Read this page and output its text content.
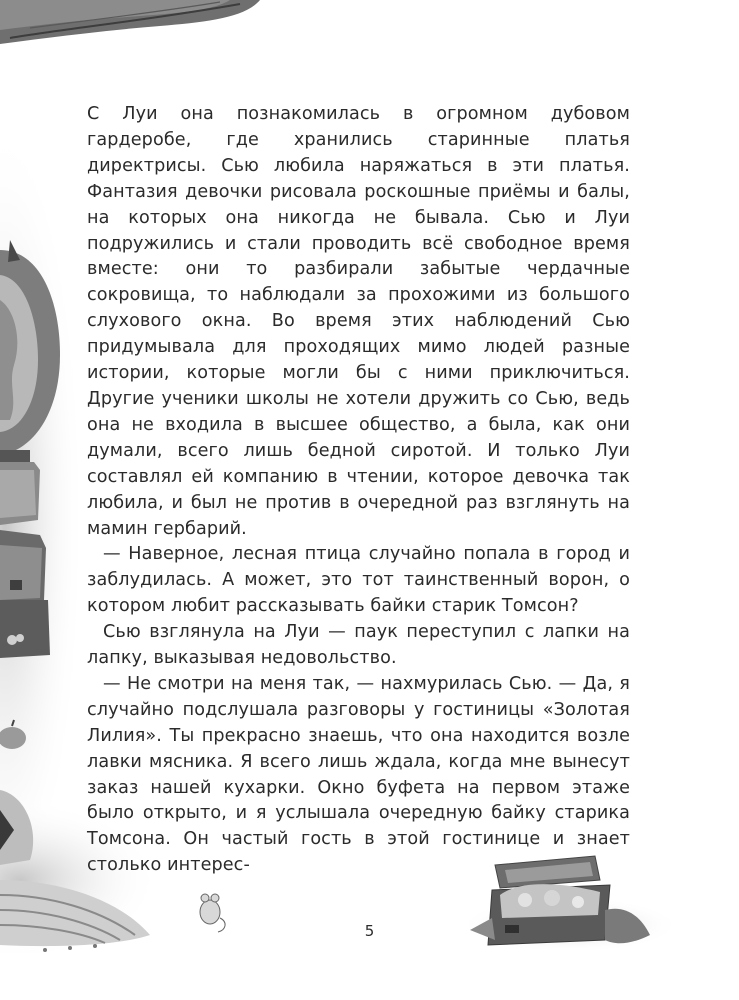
С Луи она познакомилась в огромном дубовом гардеробе, где хранились старинные платья директрисы. Сью любила наряжаться в эти платья. Фантазия девочки рисовала роскошные приёмы и балы, на которых она никогда не бывала. Сью и Луи подружились и стали проводить всё свободное время вместе: они то разбирали забытые чердачные сокровища, то наблюдали за прохожими из большого слухового окна. Во время этих наблюдений Сью придумывала для проходящих мимо людей разные истории, которые могли бы с ними приключиться. Другие ученики школы не хотели дружить со Сью, ведь она не входила в высшее общество, а была, как они думали, всего лишь бедной сиротой. И только Луи составлял ей компанию в чтении, которое девочка так любила, и был не против в очередной раз взглянуть на мамин гербарий.

— Наверное, лесная птица случайно попала в город и заблудилась. А может, это тот таинственный ворон, о котором любит рассказывать байки старик Томсон?

Сью взглянула на Луи — паук переступил с лапки на лапку, выказывая недовольство.

— Не смотри на меня так, — нахмурилась Сью. — Да, я случайно подслушала разговоры у гостиницы «Золотая Лилия». Ты прекрасно знаешь, что она находится возле лавки мясника. Я всего лишь ждала, когда мне вынесут заказ нашей кухарки. Окно буфета на первом этаже было открыто, и я услышала очередную байку старика Томсона. Он частый гость в этой гостинице и знает столько интерес-

5
